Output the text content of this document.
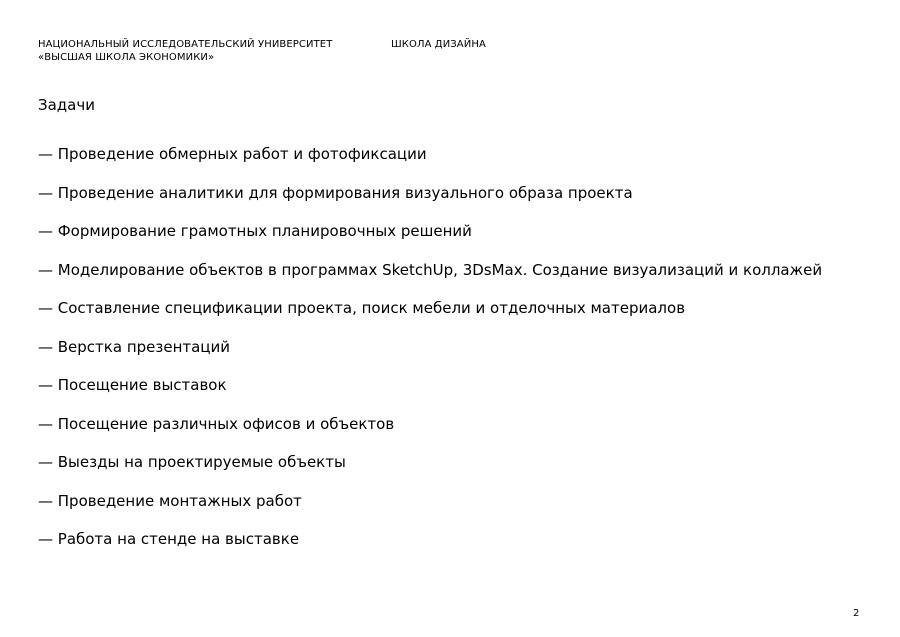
НАЦИОНАЛЬНЫЙ ИССЛЕДОВАТЕЛЬСКИЙ УНИВЕРСИТЕТ
«ВЫСШАЯ ШКОЛА ЭКОНОМИКИ»
ШКОЛА ДИЗАЙНА
Задачи
— Проведение обмерных работ и фотофиксации
— Проведение аналитики для формирования визуального образа проекта
— Формирование грамотных планировочных решений
— Моделирование объектов в программах SketchUp, 3DsMax. Создание визуализаций и коллажей
— Составление спецификации проекта, поиск мебели и отделочных материалов
— Верстка презентаций
— Посещение выставок
— Посещение различных офисов и объектов
— Выезды на проектируемые объекты
— Проведение монтажных работ
— Работа на стенде на выставке
2
